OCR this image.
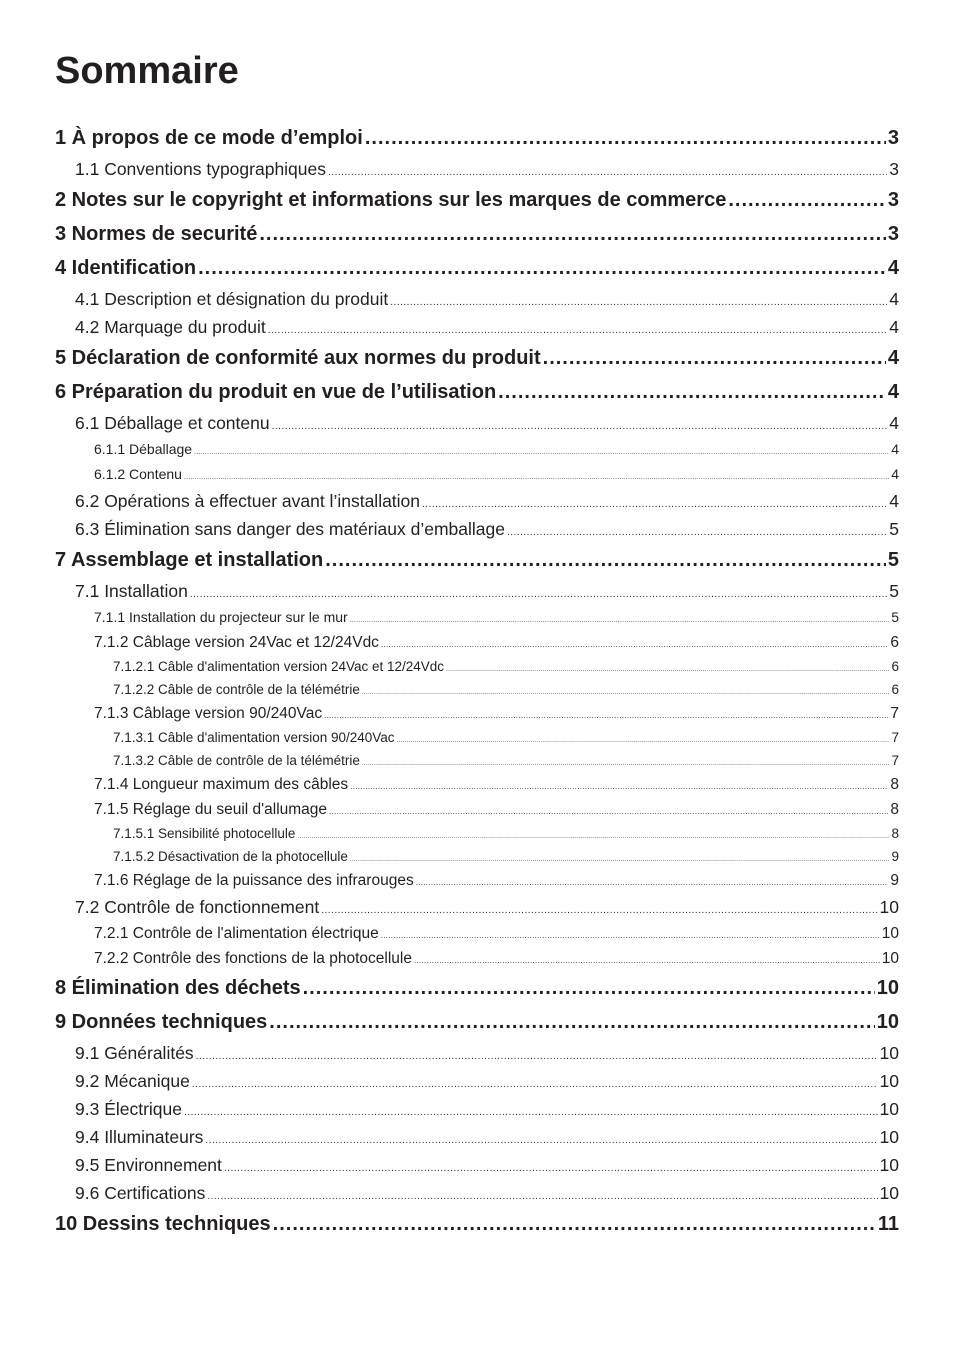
Sommaire
1 À propos de ce mode d’emploi .....	3
1.1 Conventions typographiques .....	3
2 Notes sur le copyright et informations sur les marques de commerce .....	3
3 Normes de securité .....	3
4 Identification .....	4
4.1 Description et désignation du produit .....	4
4.2 Marquage du produit .....	4
5 Déclaration de conformité aux normes du produit .....	4
6 Préparation du produit en vue de l’utilisation .....	4
6.1 Déballage et contenu .....	4
6.1.1 Déballage .....	4
6.1.2 Contenu .....	4
6.2 Opérations à effectuer avant l’installation .....	4
6.3 Élimination sans danger des matériaux d’emballage .....	5
7 Assemblage et installation .....	5
7.1 Installation .....	5
7.1.1 Installation du projecteur sur le mur .....	5
7.1.2 Câblage version 24Vac et 12/24Vdc .....	6
7.1.2.1 Câble d'alimentation version 24Vac et 12/24Vdc .....	6
7.1.2.2 Câble de contrôle de la télémétrie .....	6
7.1.3 Câblage version 90/240Vac .....	7
7.1.3.1 Câble d'alimentation version 90/240Vac .....	7
7.1.3.2 Câble de contrôle de la télémétrie .....	7
7.1.4 Longueur maximum des câbles .....	8
7.1.5 Réglage du seuil d'allumage .....	8
7.1.5.1 Sensibilité photocellule .....	8
7.1.5.2 Désactivation de la photocellule .....	9
7.1.6 Réglage de la puissance des infrarouges .....	9
7.2 Contrôle de fonctionnement .....	10
7.2.1 Contrôle de l'alimentation électrique .....	10
7.2.2 Contrôle des fonctions de la photocellule .....	10
8 Élimination des déchets .....	10
9 Données techniques .....	10
9.1 Généralités .....	10
9.2 Mécanique .....	10
9.3 Électrique .....	10
9.4 Illuminateurs .....	10
9.5 Environnement .....	10
9.6 Certifications .....	10
10 Dessins techniques .....	11
